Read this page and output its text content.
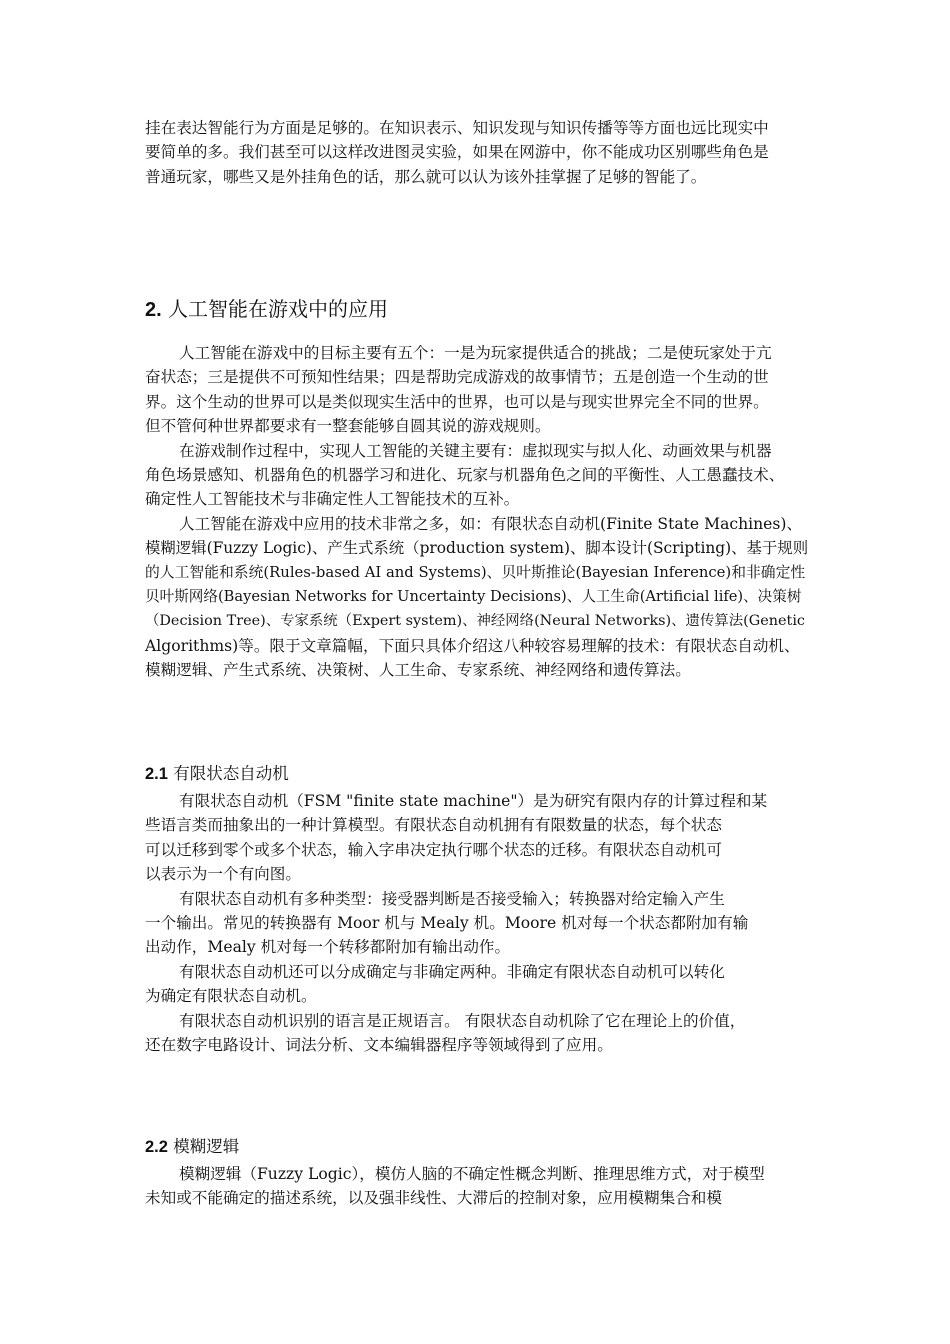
挂在表达智能行为方面是足够的。在知识表示、知识发现与知识传播等等方面也远比现实中

要简单的多。我们甚至可以这样改进图灵实验，如果在网游中，你不能成功区别哪些角色是

普通玩家，哪些又是外挂角色的话，那么就可以认为该外挂掌握了足够的智能了。

2. 人工智能在游戏中的应用

人工智能在游戏中的目标主要有五个：一是为玩家提供适合的挑战；二是使玩家处于亢

奋状态；三是提供不可预知性结果；四是帮助完成游戏的故事情节；五是创造一个生动的世

界。这个生动的世界可以是类似现实生活中的世界，也可以是与现实世界完全不同的世界。

但不管何种世界都要求有一整套能够自圆其说的游戏规则。

在游戏制作过程中，实现人工智能的关键主要有：虚拟现实与拟人化、动画效果与机器

角色场景感知、机器角色的机器学习和进化、玩家与机器角色之间的平衡性、人工愚蠢技术、

确定性人工智能技术与非确定性人工智能技术的互补。

人工智能在游戏中应用的技术非常之多，如：有限状态自动机(Finite State Machines)、

模糊逻辑(Fuzzy Logic)、产生式系统（production system)、脚本设计(Scripting)、基于规则

的人工智能和系统(Rules-based AI and Systems)、贝叶斯推论(Bayesian Inference)和非确定性

贝叶斯网络(Bayesian Networks for Uncertainty Decisions)、人工生命(Artificial life)、决策树

（Decision Tree)、专家系统（Expert system)、神经网络(Neural Networks)、遗传算法(Genetic

Algorithms)等。限于文章篇幅，下面只具体介绍这八种较容易理解的技术：有限状态自动机、

模糊逻辑、产生式系统、决策树、人工生命、专家系统、神经网络和遗传算法。

2.1 有限状态自动机

有限状态自动机（FSM "finite state machine"）是为研究有限内存的计算过程和某

些语言类而抽象出的一种计算模型。有限状态自动机拥有有限数量的状态，每个状态

可以迁移到零个或多个状态，输入字串决定执行哪个状态的迁移。有限状态自动机可

以表示为一个有向图。

有限状态自动机有多种类型：接受器判断是否接受输入；转换器对给定输入产生

一个输出。常见的转换器有 Moor 机与 Mealy 机。Moore 机对每一个状态都附加有输

出动作，Mealy 机对每一个转移都附加有输出动作。

有限状态自动机还可以分成确定与非确定两种。非确定有限状态自动机可以转化

为确定有限状态自动机。

有限状态自动机识别的语言是正规语言。 有限状态自动机除了它在理论上的价值，

还在数字电路设计、词法分析、文本编辑器程序等领域得到了应用。

2.2 模糊逻辑

模糊逻辑（Fuzzy Logic），模仿人脑的不确定性概念判断、推理思维方式，对于模型

未知或不能确定的描述系统，以及强非线性、大滞后的控制对象，应用模糊集合和模
